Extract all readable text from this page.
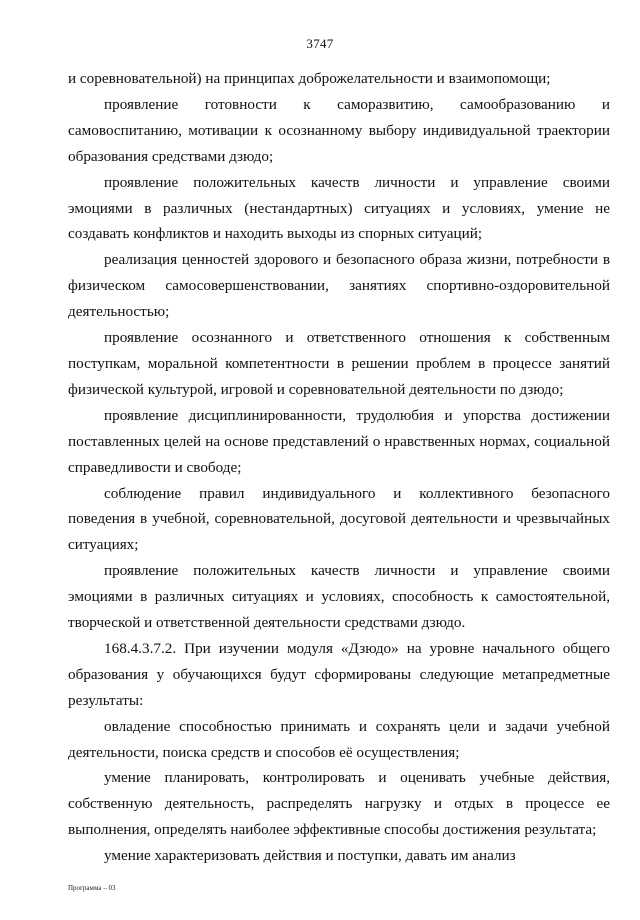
3747

и соревновательной) на принципах доброжелательности и взаимопомощи;

проявление готовности к саморазвитию, самообразованию и самовоспитанию, мотивации к осознанному выбору индивидуальной траектории образования средствами дзюдо;

проявление положительных качеств личности и управление своими эмоциями в различных (нестандартных) ситуациях и условиях, умение не создавать конфликтов и находить выходы из спорных ситуаций;

реализация ценностей здорового и безопасного образа жизни, потребности в физическом самосовершенствовании, занятиях спортивно-оздоровительной деятельностью;

проявление осознанного и ответственного отношения к собственным поступкам, моральной компетентности в решении проблем в процессе занятий физической культурой, игровой и соревновательной деятельности по дзюдо;

проявление дисциплинированности, трудолюбия и упорства достижении поставленных целей на основе представлений о нравственных нормах, социальной справедливости и свободе;

соблюдение правил индивидуального и коллективного безопасного поведения в учебной, соревновательной, досуговой деятельности и чрезвычайных ситуациях;

проявление положительных качеств личности и управление своими эмоциями в различных ситуациях и условиях, способность к самостоятельной, творческой и ответственной деятельности средствами дзюдо.

168.4.3.7.2. При изучении модуля «Дзюдо» на уровне начального общего образования у обучающихся будут сформированы следующие метапредметные результаты:

овладение способностью принимать и сохранять цели и задачи учебной деятельности, поиска средств и способов её осуществления;

умение планировать, контролировать и оценивать учебные действия, собственную деятельность, распределять нагрузку и отдых в процессе ее выполнения, определять наиболее эффективные способы достижения результата;

умение характеризовать действия и поступки, давать им анализ

Программа – 03
